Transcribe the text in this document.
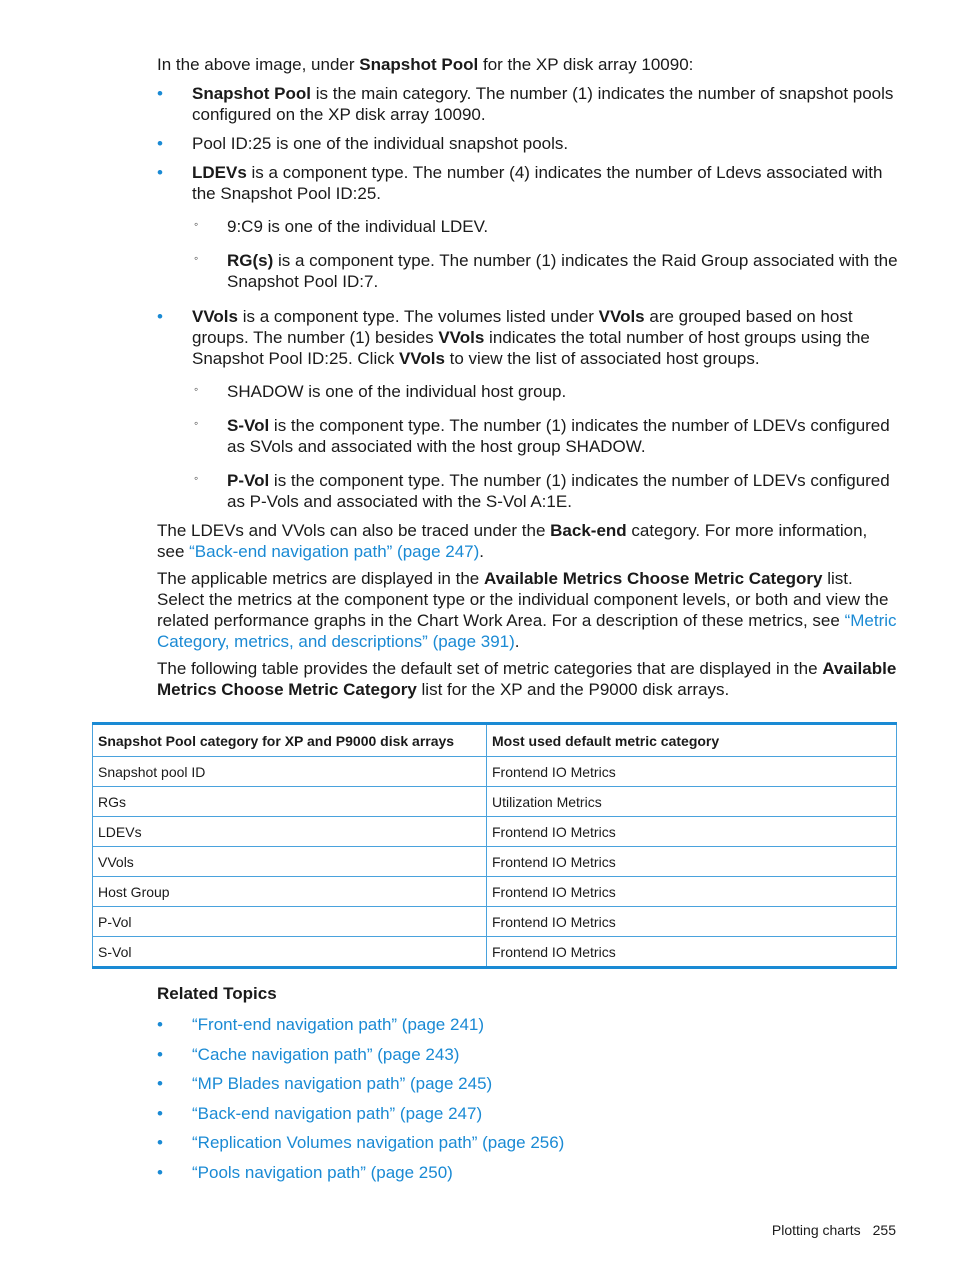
In the above image, under Snapshot Pool for the XP disk array 10090:

• Snapshot Pool is the main category. The number (1) indicates the number of snapshot pools configured on the XP disk array 10090.
• Pool ID:25 is one of the individual snapshot pools.
• LDEVs is a component type. The number (4) indicates the number of Ldevs associated with the Snapshot Pool ID:25.
◦ 9:C9 is one of the individual LDEV.
◦ RG(s) is a component type. The number (1) indicates the Raid Group associated with the Snapshot Pool ID:7.
• VVols is a component type. The volumes listed under VVols are grouped based on host groups. The number (1) besides VVols indicates the total number of host groups using the Snapshot Pool ID:25. Click VVols to view the list of associated host groups.
◦ SHADOW is one of the individual host group.
◦ S-Vol is the component type. The number (1) indicates the number of LDEVs configured as SVols and associated with the host group SHADOW.
◦ P-Vol is the component type. The number (1) indicates the number of LDEVs configured as P-Vols and associated with the S-Vol A:1E.

The LDEVs and VVols can also be traced under the Back-end category. For more information, see “Back-end navigation path” (page 247).

The applicable metrics are displayed in the Available Metrics Choose Metric Category list. Select the metrics at the component type or the individual component levels, or both and view the related performance graphs in the Chart Work Area. For a description of these metrics, see “Metric Category, metrics, and descriptions” (page 391).

The following table provides the default set of metric categories that are displayed in the Available Metrics Choose Metric Category list for the XP and the P9000 disk arrays.

Snapshot Pool category for XP and P9000 disk arrays	Most used default metric category
Snapshot pool ID	Frontend IO Metrics
RGs	Utilization Metrics
LDEVs	Frontend IO Metrics
VVols	Frontend IO Metrics
Host Group	Frontend IO Metrics
P-Vol	Frontend IO Metrics
S-Vol	Frontend IO Metrics
Related Topics
• “Front-end navigation path” (page 241)
• “Cache navigation path” (page 243)
• “MP Blades navigation path” (page 245)
• “Back-end navigation path” (page 247)
• “Replication Volumes navigation path” (page 256)
• “Pools navigation path” (page 250)
Plotting charts 255
